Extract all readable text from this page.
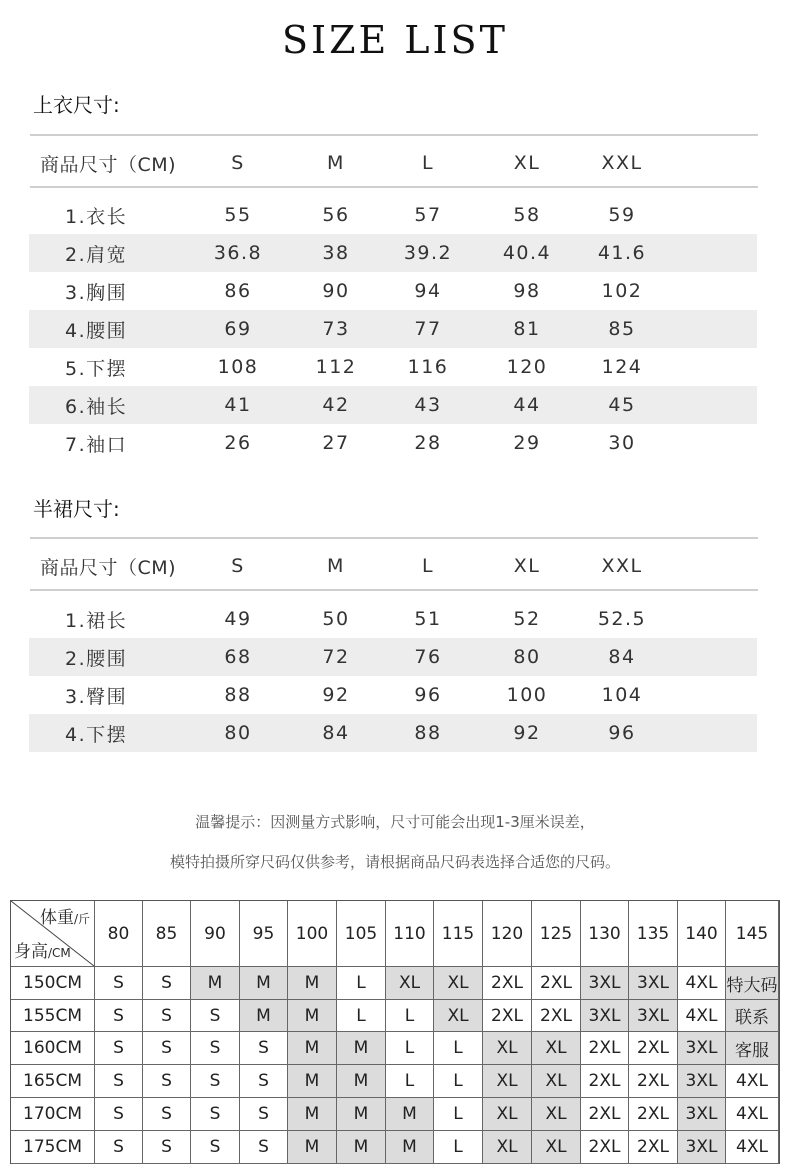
SIZE LIST
上衣尺寸:
商品尺寸（CM)	S	M	L	XL	XXL
1.衣长	55	56	57	58	59
2.肩宽	36.8	38	39.2	40.4	41.6
3.胸围	86	90	94	98	102
4.腰围	69	73	77	81	85
5.下摆	108	112	116	120	124
6.袖长	41	42	43	44	45
7.袖口	26	27	28	29	30
半裙尺寸:
商品尺寸（CM)	S	M	L	XL	XXL
1.裙长	49	50	51	52	52.5
2.腰围	68	72	76	80	84
3.臀围	88	92	96	100	104
4.下摆	80	84	88	92	96
温馨提示：因测量方式影响，尺寸可能会出现1-3厘米误差，
模特拍摄所穿尺码仅供参考，请根据商品尺码表选择合适您的尺码。
体重/斤
身高/CM
80	85	90	95	100 105 110 115 120 125 130 135 140	145
150CM	S	S	M	M	M	L	XL	XL	2XL	2XL 3XL 3XL 4XL 特大码
155CM	S	S	S	M	M	L	L	XL	2XL	2XL 3XL 3XL 4XL	联系
160CM	S	S	S	S	M	M	L	L	XL	XL	2XL 2XL 3XL	客服
165CM	S	S	S	S	M	M	L	L	XL	XL	2XL 2XL 3XL	4XL
170CM	S	S	S	S	M	M	M	L	XL	XL	2XL 2XL 3XL	4XL
175CM	S	S	S	S	M	M	M	L	XL	XL	2XL 2XL 3XL	4XL
